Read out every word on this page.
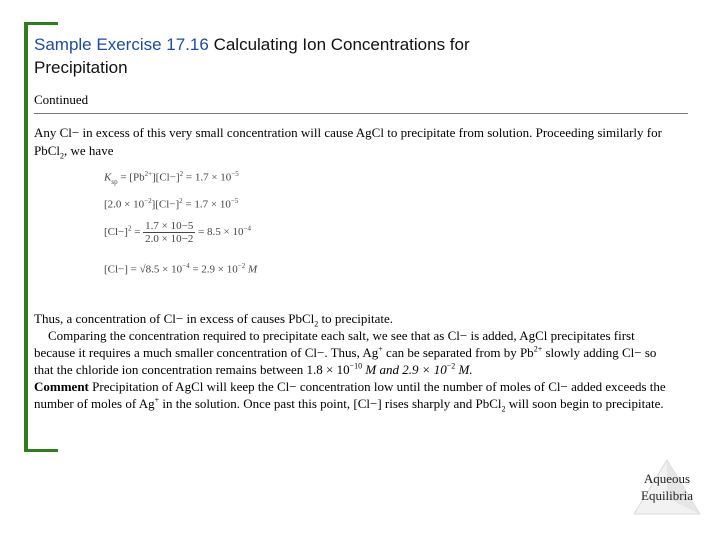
Sample Exercise 17.16
Calculating Ion Concentrations for
Precipitation
Continued
Any Cl− in excess of this very small concentration will cause AgCl to precipitate from solution. Proceeding similarly for PbCl$_2$, we have
$K_{sp} = [Pb^{2+}][Cl-]^2 = 1.7 \times 10^{-5}$
$[2.0 \times 10^{-2}][Cl-]^2 = 1.7 \times 10^{-5}$
$[Cl-]^2 = \frac{1.7 \times 10-5}{2.0 \times 10-2} = 8.5 \times 10^{-4}$
$[Cl-] = √8.5 \times 10^{-4} = 2.9 \times 10^{-2}$ M

Thus, a concentration of Cl− in excess of causes PbCl$_2$ to precipitate.

Comparing the concentration required to precipitate each salt, we see that as Cl− is added, AgCl precipitates first because it requires a much smaller concentration of Cl−. Thus, Ag+ can be separated from by $Pb^{2+}$ slowly adding Cl− so that the chloride ion concentration remains between $1.8 \times 10^{-10}$ M and $2.9 \times 10^{-2}$ M.

Comment Precipitation of AgCl will keep the Cl− concentration low until the number of moles of Cl− added exceeds the number of moles of Ag+ in the solution. Once past this point, [Cl−] rises sharply and PbCl$_2$ will soon begin to precipitate.

Aqueous
Equilibria
